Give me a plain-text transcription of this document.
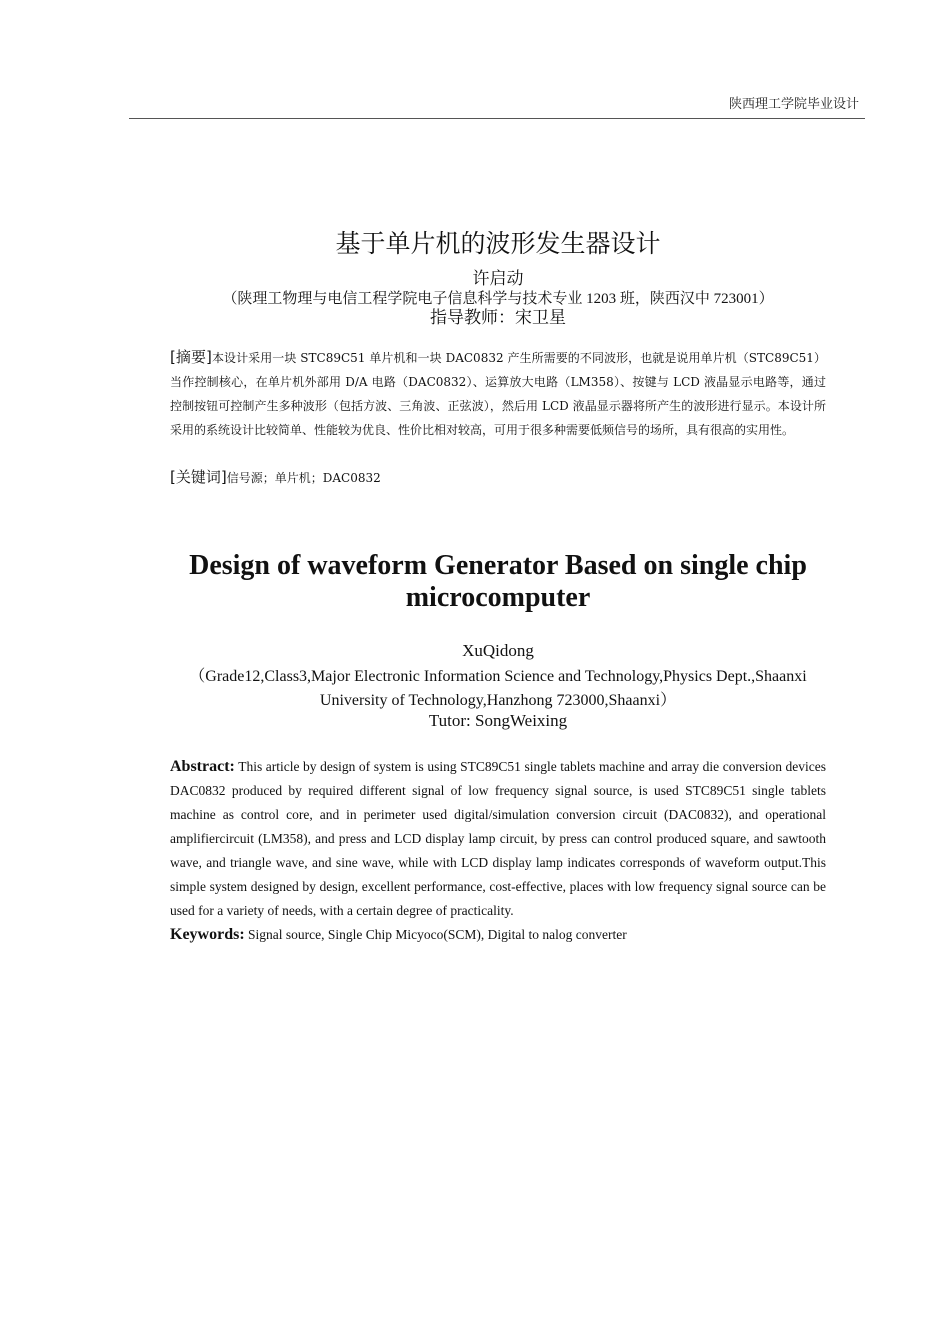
陕西理工学院毕业设计
基于单片机的波形发生器设计
许启动
（陕理工物理与电信工程学院电子信息科学与技术专业 1203 班，陕西汉中 723001）
指导教师：宋卫星
[摘要]本设计采用一块 STC89C51 单片机和一块 DAC0832 产生所需要的不同波形，也就是说用单片机（STC89C51）当作控制核心，在单片机外部用 D/A 电路（DAC0832）、运算放大电路（LM358）、按键与 LCD 液晶显示电路等，通过控制按钮可控制产生多种波形（包括方波、三角波、正弦波），然后用 LCD 液晶显示器将所产生的波形进行显示。本设计所采用的系统设计比较简单、性能较为优良、性价比相对较高，可用于很多种需要低频信号的场所，具有很高的实用性。
[关键词]信号源；单片机；DAC0832
Design of waveform Generator Based on single chip microcomputer
XuQidong
（Grade12,Class3,Major Electronic Information Science and Technology,Physics Dept.,Shaanxi University of Technology,Hanzhong 723000,Shaanxi）
Tutor: SongWeixing
Abstract: This article by design of system is using STC89C51 single tablets machine and array die conversion devices DAC0832 produced by required different signal of low frequency signal source, is used STC89C51 single tablets machine as control core, and in perimeter used digital/simulation conversion circuit (DAC0832), and operational amplifiercircuit (LM358), and press and LCD display lamp circuit, by press can control produced square, and sawtooth wave, and triangle wave, and sine wave, while with LCD display lamp indicates corresponds of waveform output.This simple system designed by design, excellent performance, cost-effective, places with low frequency signal source can be used for a variety of needs, with a certain degree of practicality.
Keywords: Signal source, Single Chip Micyoco(SCM), Digital to nalog converter
